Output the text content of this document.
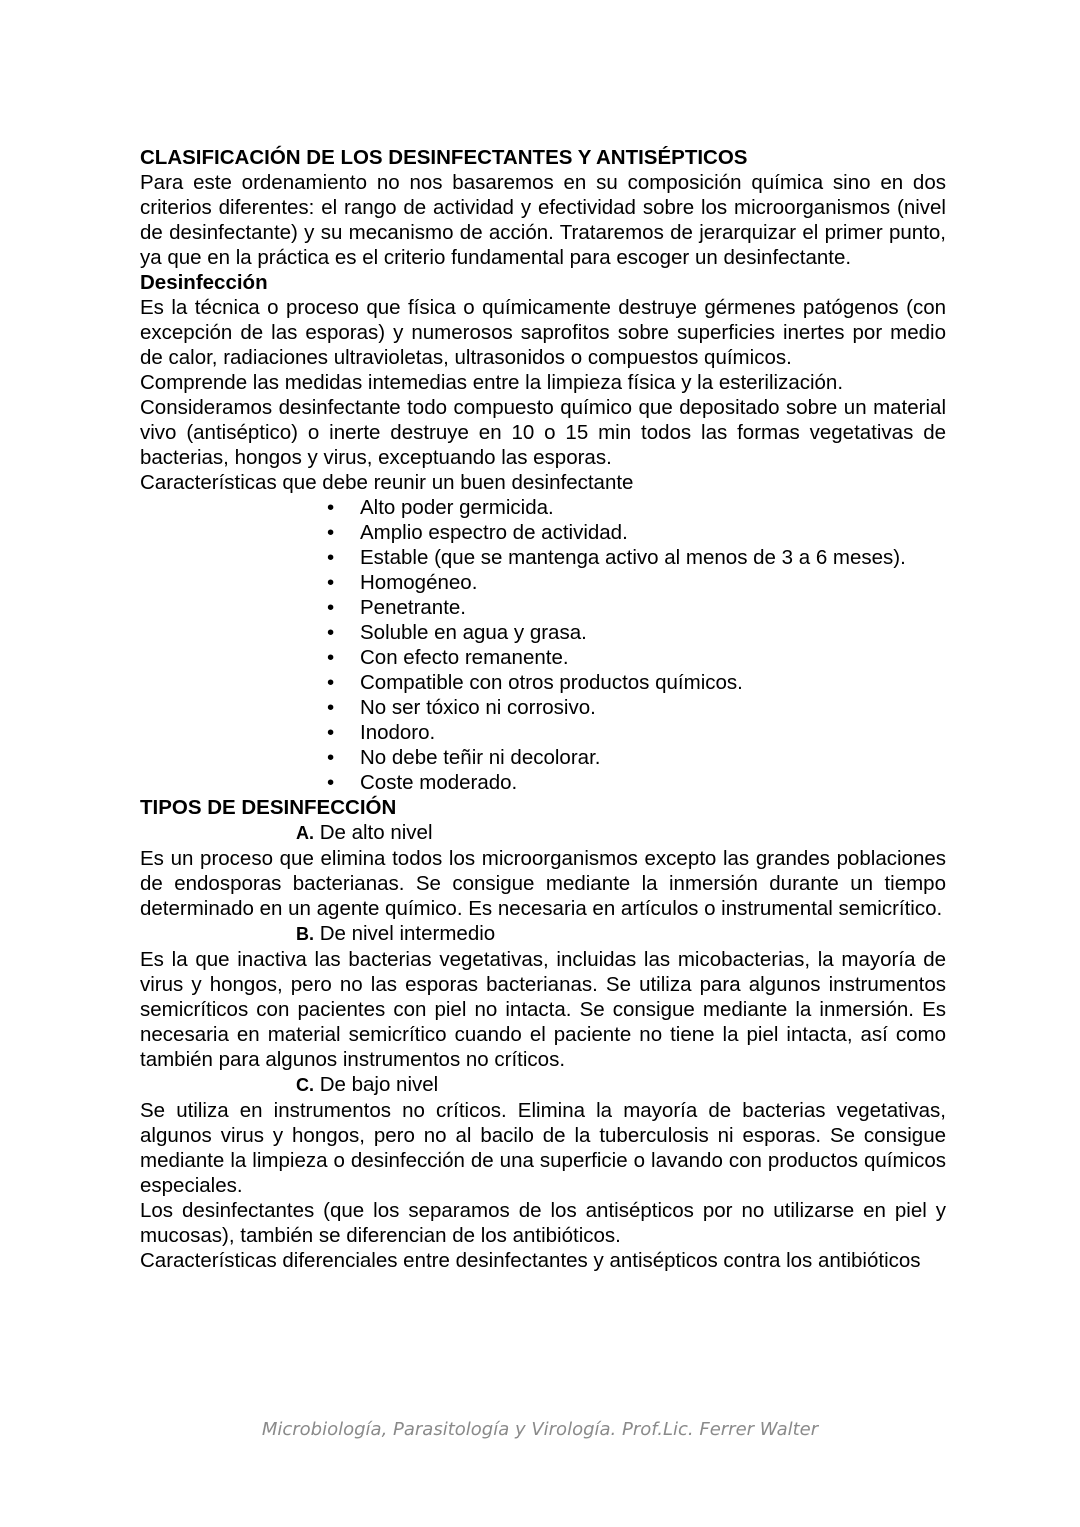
CLASIFICACIÓN DE LOS DESINFECTANTES Y ANTISÉPTICOS

Para este ordenamiento no nos basaremos en su composición química sino en dos criterios diferentes: el rango de actividad y efectividad sobre los microorganismos (nivel de desinfectante) y su mecanismo de acción. Trataremos de jerarquizar el primer punto, ya que en la práctica es el criterio fundamental para escoger un desinfectante.

Desinfección

Es la técnica o proceso que física o químicamente destruye gérmenes patógenos (con excepción de las esporas) y numerosos saprofitos sobre superficies inertes por medio de calor, radiaciones ultravioletas, ultrasonidos o compuestos químicos.

Comprende las medidas intemedias entre la limpieza física y la esterilización.

Consideramos desinfectante todo compuesto químico que depositado sobre un material vivo (antiséptico) o inerte destruye en 10 o 15 min todos las formas vegetativas de bacterias, hongos y virus, exceptuando las esporas.

Características que debe reunir un buen desinfectante

• Alto poder germicida.
• Amplio espectro de actividad.
• Estable (que se mantenga activo al menos de 3 a 6 meses).
• Homogéneo.
• Penetrante.
• Soluble en agua y grasa.
• Con efecto remanente.
• Compatible con otros productos químicos.
• No ser tóxico ni corrosivo.
• Inodoro.
• No debe teñir ni decolorar.
• Coste moderado.
TIPOS DE DESINFECCIÓN
A. De alto nivel

Es un proceso que elimina todos los microorganismos excepto las grandes poblaciones de endosporas bacterianas. Se consigue mediante la inmersión durante un tiempo determinado en un agente químico. Es necesaria en artículos o instrumental semicrítico.

B. De nivel intermedio

Es la que inactiva las bacterias vegetativas, incluidas las micobacterias, la mayoría de virus y hongos, pero no las esporas bacterianas. Se utiliza para algunos instrumentos semicríticos con pacientes con piel no intacta. Se consigue mediante la inmersión. Es necesaria en material semicrítico cuando el paciente no tiene la piel intacta, así como también para algunos instrumentos no críticos.

C. De bajo nivel

Se utiliza en instrumentos no críticos. Elimina la mayoría de bacterias vegetativas, algunos virus y hongos, pero no al bacilo de la tuberculosis ni esporas. Se consigue mediante la limpieza o desinfección de una superficie o lavando con productos químicos especiales.

Los desinfectantes (que los separamos de los antisépticos por no utilizarse en piel y mucosas), también se diferencian de los antibióticos.

Características diferenciales entre desinfectantes y antisépticos contra los antibióticos

Microbiología, Parasitología y Virología. Prof.Lic. Ferrer Walter
